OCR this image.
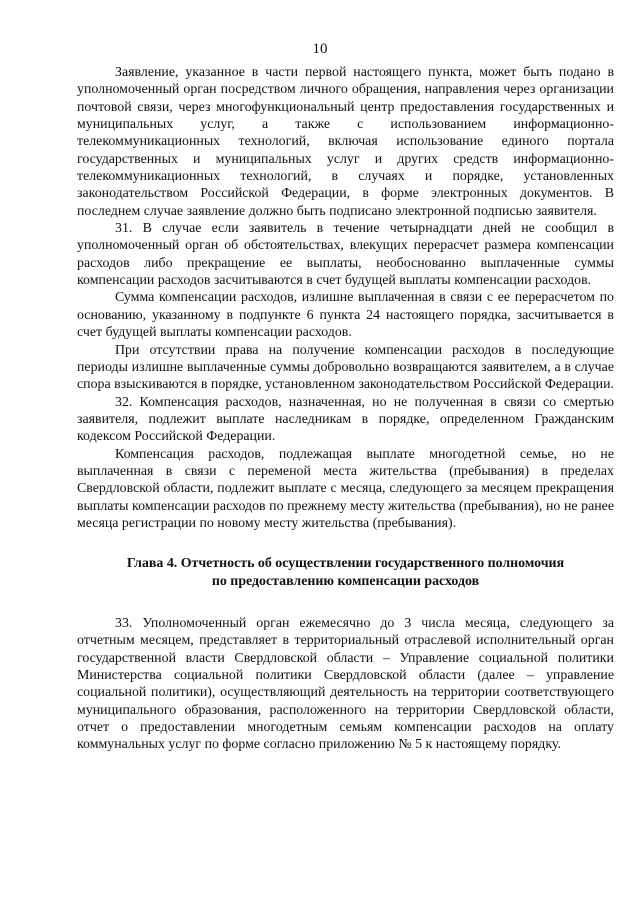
10

Заявление, указанное в части первой настоящего пункта, может быть подано в уполномоченный орган посредством личного обращения, направления через организации почтовой связи, через многофункциональный центр предоставления государственных и муниципальных услуг, а также с использованием информационно-телекоммуникационных технологий, включая использование единого портала государственных и муниципальных услуг и других средств информационно-телекоммуникационных технологий, в случаях и порядке, установленных законодательством Российской Федерации, в форме электронных документов. В последнем случае заявление должно быть подписано электронной подписью заявителя.

31. В случае если заявитель в течение четырнадцати дней не сообщил в уполномоченный орган об обстоятельствах, влекущих перерасчет размера компенсации расходов либо прекращение ее выплаты, необоснованно выплаченные суммы компенсации расходов засчитываются в счет будущей выплаты компенсации расходов.

Сумма компенсации расходов, излишне выплаченная в связи с ее перерасчетом по основанию, указанному в подпункте 6 пункта 24 настоящего порядка, засчитывается в счет будущей выплаты компенсации расходов.

При отсутствии права на получение компенсации расходов в последующие периоды излишне выплаченные суммы добровольно возвращаются заявителем, а в случае спора взыскиваются в порядке, установленном законодательством Российской Федерации.

32. Компенсация расходов, назначенная, но не полученная в связи со смертью заявителя, подлежит выплате наследникам в порядке, определенном Гражданским кодексом Российской Федерации.

Компенсация расходов, подлежащая выплате многодетной семье, но не выплаченная в связи с переменой места жительства (пребывания) в пределах Свердловской области, подлежит выплате с месяца, следующего за месяцем прекращения выплаты компенсации расходов по прежнему месту жительства (пребывания), но не ранее месяца регистрации по новому месту жительства (пребывания).

Глава 4. Отчетность об осуществлении государственного полномочия
по предоставлению компенсации расходов

33. Уполномоченный орган ежемесячно до 3 числа месяца, следующего за отчетным месяцем, представляет в территориальный отраслевой исполнительный орган государственной власти Свердловской области – Управление социальной политики Министерства социальной политики Свердловской области (далее – управление социальной политики), осуществляющий деятельность на территории соответствующего муниципального образования, расположенного на территории Свердловской области, отчет о предоставлении многодетным семьям компенсации расходов на оплату коммунальных услуг по форме согласно приложению № 5 к настоящему порядку.
